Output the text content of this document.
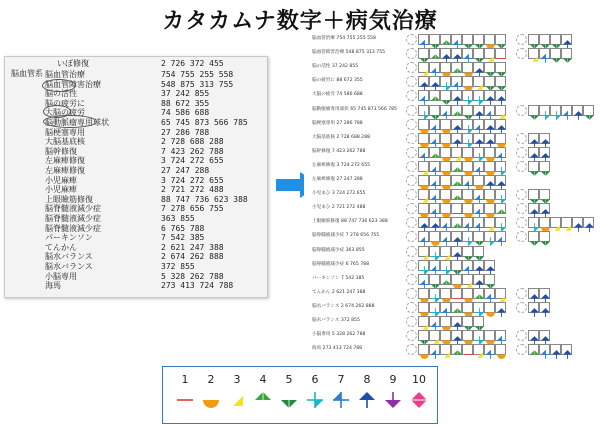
カタカムナ数字＋病気治療
いぼ修復	2 726 372 455
脳血管系 脳血管治療	754 755 255 558
脳血管障害治療	548 875 313 755
脳の活性	37 242 855
脳の疲労に	88 672 355
大脳の疲労	74 586 688
脳動脈瘤専用球状	65 745 873 566 785
脳梗塞専用	27 286 788
大脳基底核	2 728 688 288
脳幹修復	7 423 262 788
左麻痺修復	3 724 272 655
左麻痺修復	27 247 288
小児麻痺	3 724 272 655
小児麻痺	2 721 272 488
上眼瞼筋修復	88 747 736 623 388
脳脊髄液減少症	7 278 656 755
脳脊髄液減少症	363 855
脳脊髄液減少症	6 765 788
パーキンソン	7 542 385
てんかん	2 621 247 388
脳水バランス	2 674 262 888
脳水バランス	372 855
小脳専用	5 328 262 788
海馬	273 413 724 788
脳血管治療 754 755 255 558
脳血管障害治療 548 875 313 755
脳の活性 37 242 855
脳の疲労に 88 672 355
大脳の疲労 74 586 688
脳動脈瘤専用球状 65 745 873 566 785
脳梗塞専用 27 286 788
大脳基底核 2 728 688 288
脳幹修復 7 423 262 788
左麻痺修復 3 724 272 655
左麻痺修復 27 247 288
小児まひ 3 724 272 655
小児まひ 2 721 272 488
上眼瞼筋修復 88 747 736 623 388
脳脊髄液減少症 7 278 656 755
脳脊髄液減少症 363 855
脳脊髄液減少症 6 765 788
パーキンソン 7 542 385
てんかん 2 621 247 388
脳水バランス 2 674 262 888
脳水バランス 372 855
小脳専用 5 328 262 788
海馬 273 413 724 788
1	2	3	4	5	6	7	8	9	10
